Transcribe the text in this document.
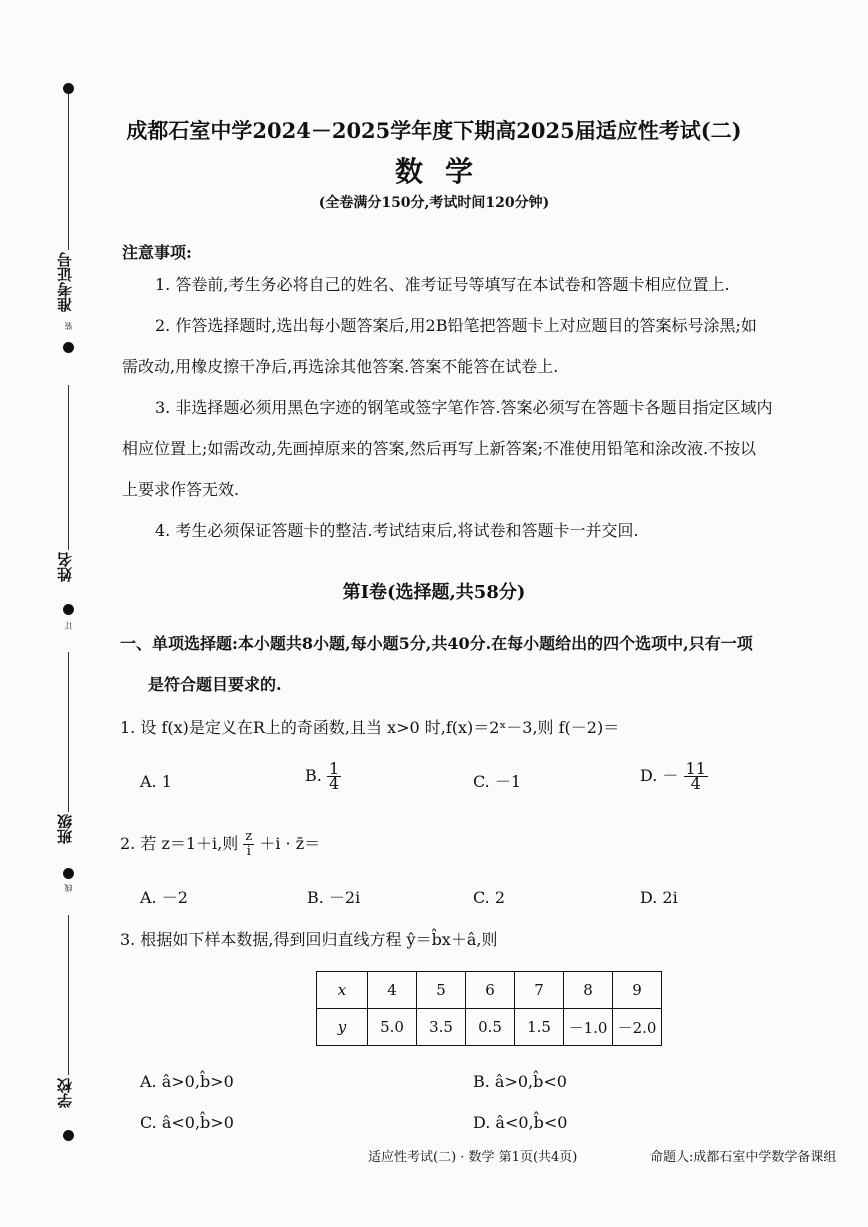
准考证号
装
姓名
订
班级
线
学校
成都石室中学2024－2025学年度下期高2025届适应性考试(二)
数学
(全卷满分150分,考试时间120分钟)
注意事项:
1. 答卷前,考生务必将自己的姓名、准考证号等填写在本试卷和答题卡相应位置上.
2. 作答选择题时,选出每小题答案后,用2B铅笔把答题卡上对应题目的答案标号涂黑;如
需改动,用橡皮擦干净后,再选涂其他答案.答案不能答在试卷上.
3. 非选择题必须用黑色字迹的钢笔或签字笔作答.答案必须写在答题卡各题目指定区域内
相应位置上;如需改动,先画掉原来的答案,然后再写上新答案;不准使用铅笔和涂改液.不按以
上要求作答无效.
4. 考生必须保证答题卡的整洁.考试结束后,将试卷和答题卡一并交回.
第Ⅰ卷(选择题,共58分)
一、单项选择题:本小题共8小题,每小题5分,共40分.在每小题给出的四个选项中,只有一项
是符合题目要求的.
1. 设 f(x)是定义在R上的奇函数,且当 x>0 时,f(x)＝2ˣ－3,则 f(－2)＝
A. 1	B. $\frac{1}{4}$	C. －1	D. － $\frac{11}{4}$
2. 若 z＝1＋i,则 $\frac{z}{i} +i$ · z̄＝
A. －2	B. －2i	C. 2	D. 2i
3. 根据如下样本数据,得到回归直线方程 ŷ＝b̂x＋â,则
x	4	5	6	7	8	9
y	5.0	3.5	0.5	1.5	－1.0	－2.0
A. â>0,b̂>0	B. â>0,b̂<0
C. â<0,b̂>0	D. â<0,b̂<0
适应性考试(二) · 数学 第1页(共4页)	命题人:成都石室中学数学备课组
